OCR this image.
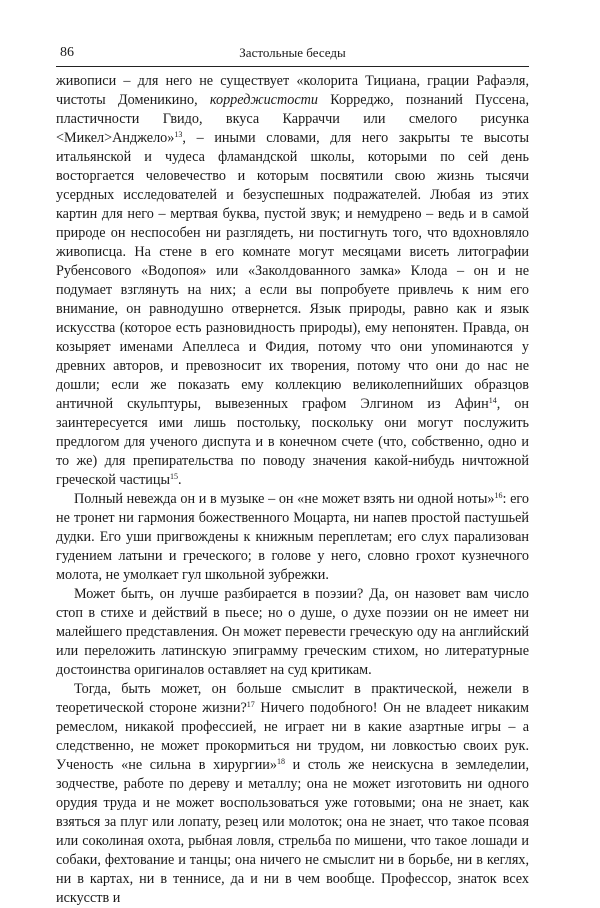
86	Застольные беседы

живописи – для него не существует «колорита Тициана, грации Рафаэля, чистоты Доменикино, корреджистости Корреджо, познаний Пуссена, пластичности Гвидо, вкуса Карраччи или смелого рисунка <Микел>Анджело»$^{13}$, – иными словами, для него закрыты те высоты итальянской и чудеса фламандской школы, которыми по сей день восторгается человечество и которым посвятили свою жизнь тысячи усердных исследователей и безуспешных подражателей. Любая из этих картин для него – мертвая буква, пустой звук; и немудрено – ведь и в самой природе он неспособен ни разглядеть, ни постигнуть того, что вдохновляло живописца. На стене в его комнате могут месяцами висеть литографии Рубенсового «Водопоя» или «Заколдованного замка» Клода – он и не подумает взглянуть на них; а если вы попробуете привлечь к ним его внимание, он равнодушно отвернется. Язык природы, равно как и язык искусства (которое есть разновидность природы), ему непонятен. Правда, он козыряет именами Апеллеса и Фидия, потому что они упоминаются у древних авторов, и превозносит их творения, потому что они до нас не дошли; если же показать ему коллекцию великолепнийших образцов античной скульптуры, вывезенных графом Элгином из Афин$^{14}$, он заинтересуется ими лишь постольку, поскольку они могут послужить предлогом для ученого диспута и в конечном счете (что, собственно, одно и то же) для препирательства по поводу значения какой-нибудь ничтожной греческой частицы$^{15}$.

Полный невежда он и в музыке – он «не может взять ни одной ноты»$^{16}$: его не тронет ни гармония божественного Моцарта, ни напев простой пастушьей дудки. Его уши пригвождены к книжным переплетам; его слух парализован гудением латыни и греческого; в голове у него, словно грохот кузнечного молота, не умолкает гул школьной зубрежки.

Может быть, он лучше разбирается в поэзии? Да, он назовет вам число стоп в стихе и действий в пьесе; но о душе, о духе поэзии он не имеет ни малейшего представления. Он может перевести греческую оду на английский или переложить латинскую эпиграмму греческим стихом, но литературные достоинства оригиналов оставляет на суд критикам.

Тогда, быть может, он больше смыслит в практической, нежели в теоретической стороне жизни?$^{17}$ Ничего подобного! Он не владеет никаким ремеслом, никакой профессией, не играет ни в какие азартные игры – а следственно, не может прокормиться ни трудом, ни ловкостью своих рук. Ученость «не сильна в хирургии»$^{18}$ и столь же неискусна в земледелии, зодчестве, работе по дереву и металлу; она не может изготовить ни одного орудия труда и не может воспользоваться уже готовыми; она не знает, как взяться за плуг или лопату, резец или молоток; она не знает, что такое псовая или соколиная охота, рыбная ловля, стрельба по мишени, что такое лошади и собаки, фехтование и танцы; она ничего не смыслит ни в борьбе, ни в кеглях, ни в картах, ни в теннисе, да и ни в чем вообще. Профессор, знаток всех искусств и
